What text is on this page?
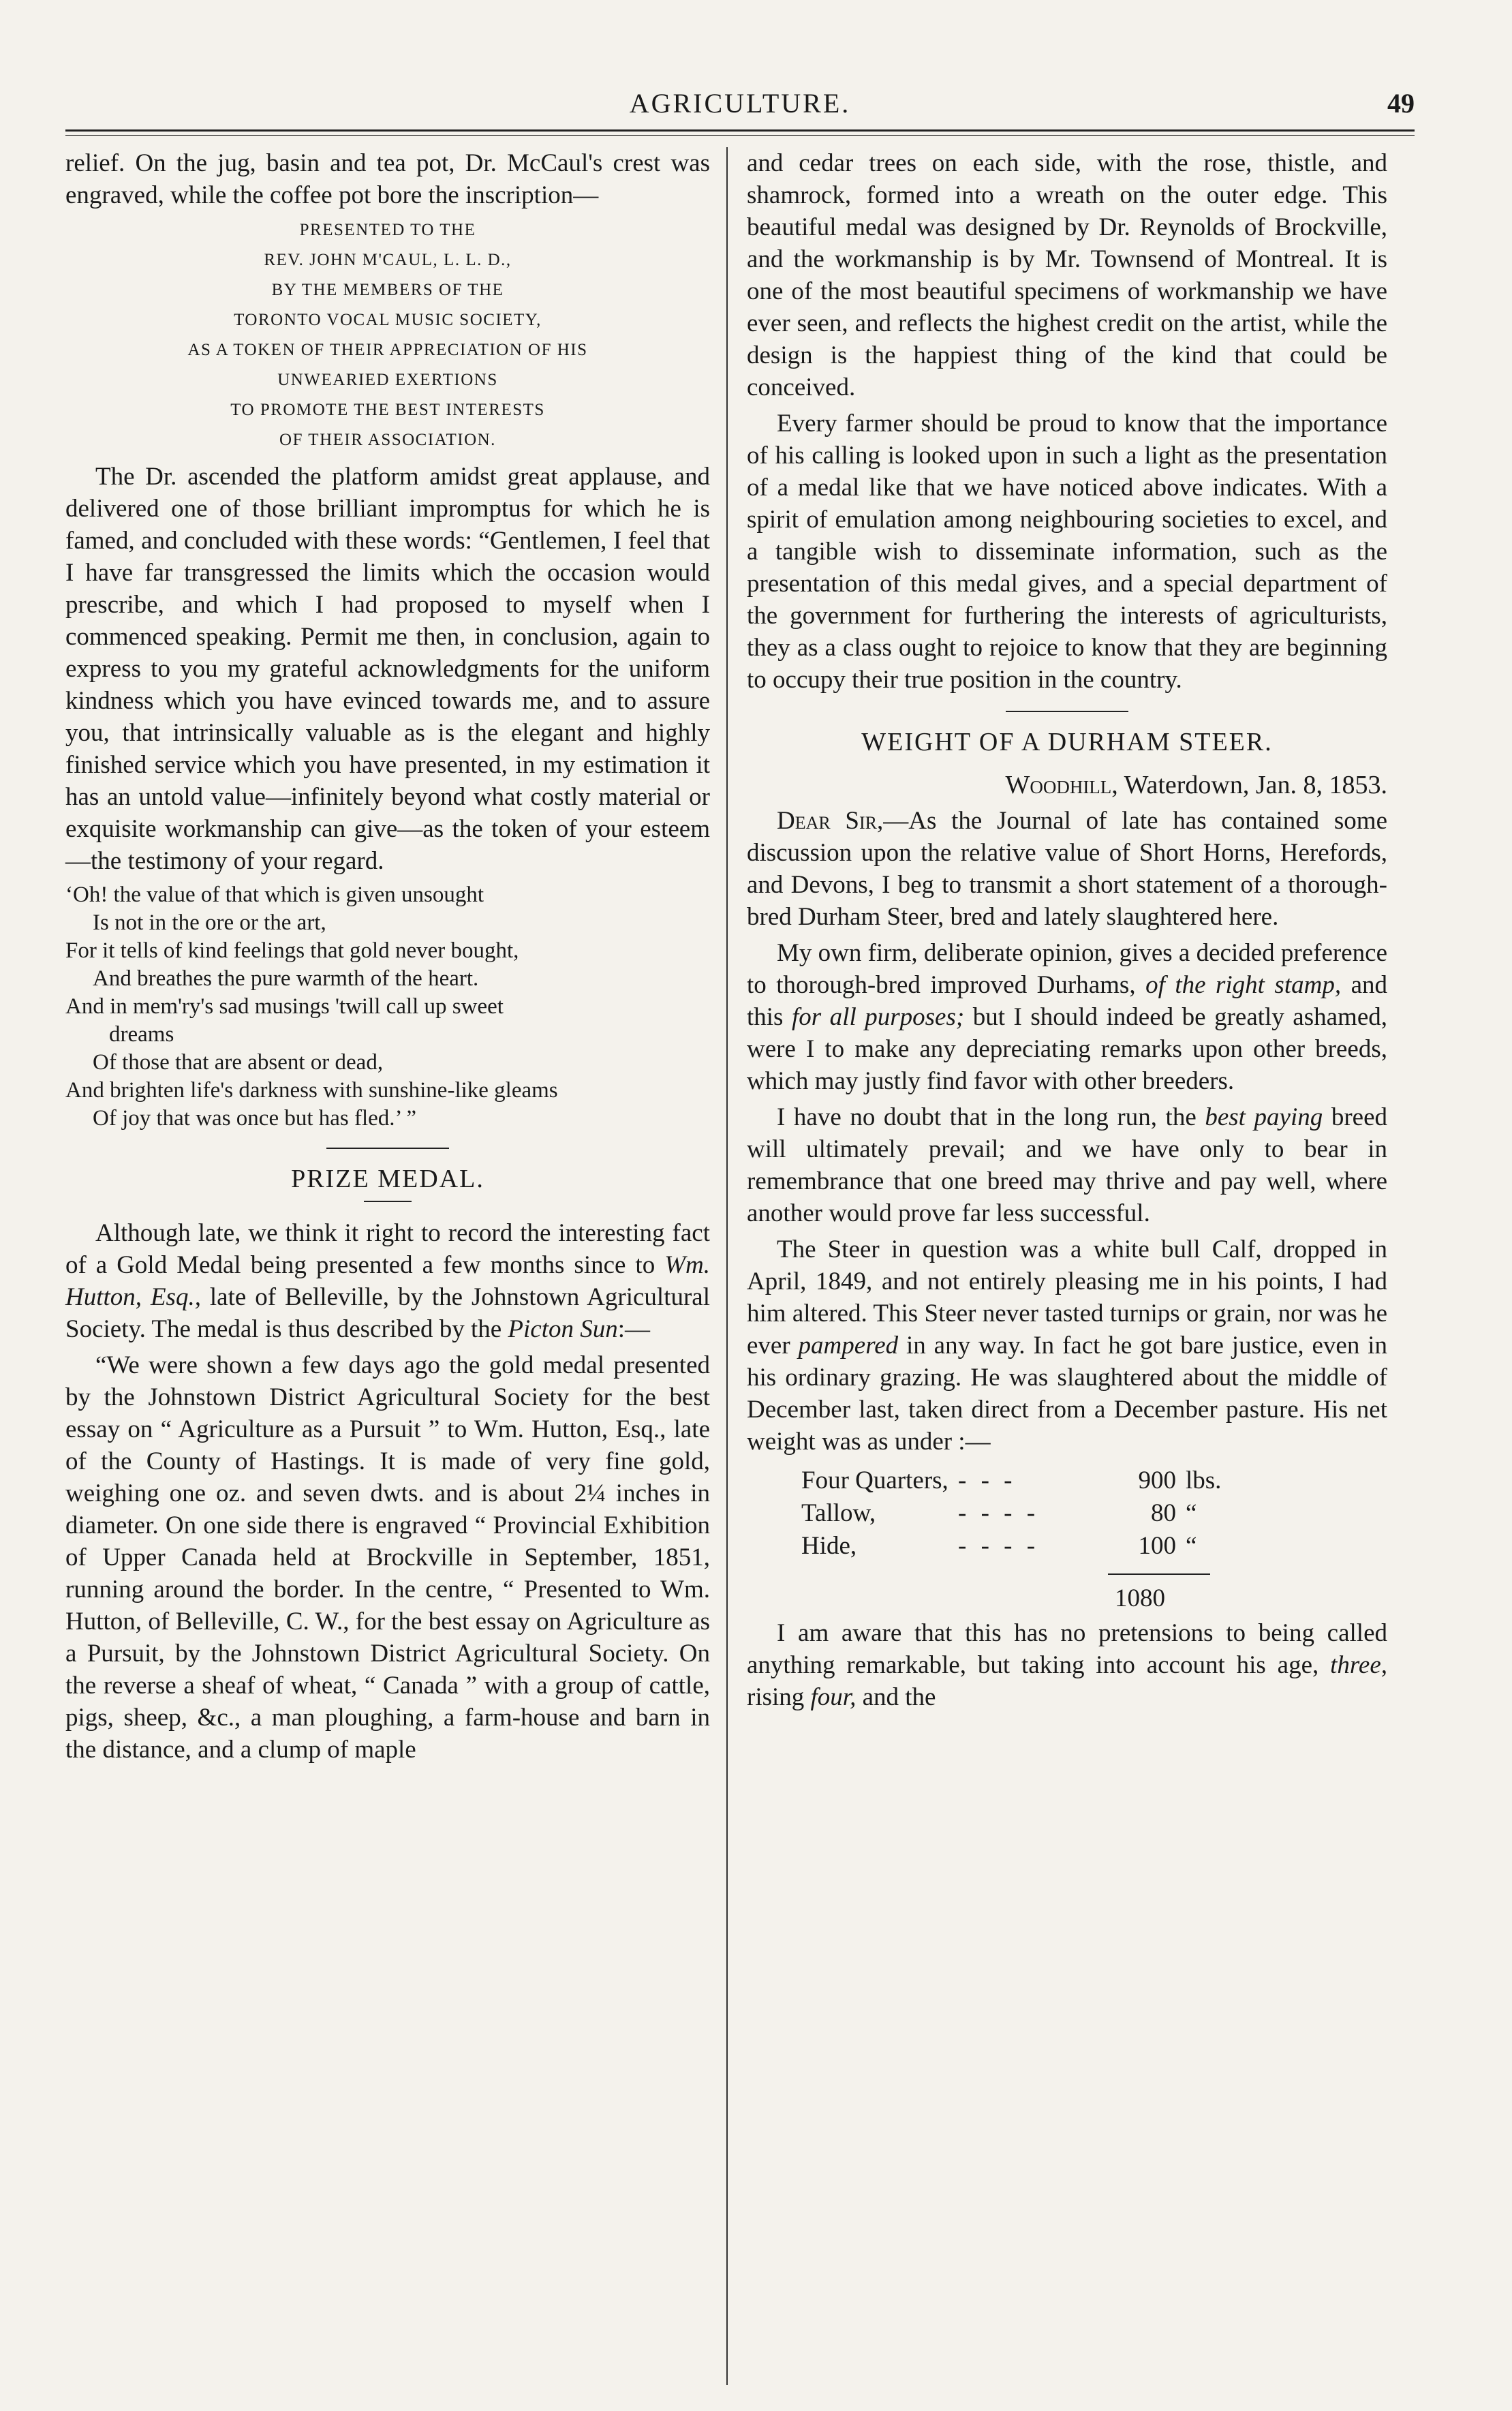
AGRICULTURE.	49

relief. On the jug, basin and tea pot, Dr. McCaul's crest was engraved, while the coffee pot bore the inscription—

PRESENTED TO THE
REV. JOHN M'CAUL, L. L. D.,
BY THE MEMBERS OF THE
TORONTO VOCAL MUSIC SOCIETY,
AS A TOKEN OF THEIR APPRECIATION OF HIS
UNWEARIED EXERTIONS
TO PROMOTE THE BEST INTERESTS
OF THEIR ASSOCIATION.

The Dr. ascended the platform amidst great applause, and delivered one of those brilliant impromptus for which he is famed, and concluded with these words: “Gentlemen, I feel that I have far transgressed the limits which the occasion would prescribe, and which I had proposed to myself when I commenced speaking. Permit me then, in conclusion, again to express to you my grateful acknowledgments for the uniform kindness which you have evinced towards me, and to assure you, that intrinsically valuable as is the elegant and highly finished service which you have presented, in my estimation it has an untold value—infinitely beyond what costly material or exquisite workmanship can give—as the token of your esteem—the testimony of your regard.

‘Oh! the value of that which is given unsought
Is not in the ore or the art,
For it tells of kind feelings that gold never bought,
And breathes the pure warmth of the heart.
And in mem'ry's sad musings 'twill call up sweet
dreams
Of those that are absent or dead,
And brighten life's darkness with sunshine-like gleams
Of joy that was once but has fled.’ ”
PRIZE MEDAL.

Although late, we think it right to record the interesting fact of a Gold Medal being presented a few months since to Wm. Hutton, Esq., late of Belleville, by the Johnstown Agricultural Society. The medal is thus described by the Picton Sun:—

“We were shown a few days ago the gold medal presented by the Johnstown District Agricultural Society for the best essay on “ Agriculture as a Pursuit ” to Wm. Hutton, Esq., late of the County of Hastings. It is made of very fine gold, weighing one oz. and seven dwts. and is about 2¼ inches in diameter. On one side there is engraved “ Provincial Exhibition of Upper Canada held at Brockville in September, 1851, running around the border. In the centre, “ Presented to Wm. Hutton, of Belleville, C. W., for the best essay on Agriculture as a Pursuit, by the Johnstown District Agricultural Society. On the reverse a sheaf of wheat, “ Canada ” with a group of cattle, pigs, sheep, &c., a man ploughing, a farm-house and barn in the distance, and a clump of maple

and cedar trees on each side, with the rose, thistle, and shamrock, formed into a wreath on the outer edge. This beautiful medal was designed by Dr. Reynolds of Brockville, and the workmanship is by Mr. Townsend of Montreal. It is one of the most beautiful specimens of workmanship we have ever seen, and reflects the highest credit on the artist, while the design is the happiest thing of the kind that could be conceived.

Every farmer should be proud to know that the importance of his calling is looked upon in such a light as the presentation of a medal like that we have noticed above indicates. With a spirit of emulation among neighbouring societies to excel, and a tangible wish to disseminate information, such as the presentation of this medal gives, and a special department of the government for furthering the interests of agriculturists, they as a class ought to rejoice to know that they are beginning to occupy their true position in the country.

WEIGHT OF A DURHAM STEER.
Woodhill, Waterdown, Jan. 8, 1853.

Dear Sir,—As the Journal of late has contained some discussion upon the relative value of Short Horns, Herefords, and Devons, I beg to transmit a short statement of a thorough-bred Durham Steer, bred and lately slaughtered here.

My own firm, deliberate opinion, gives a decided preference to thorough-bred improved Durhams, of the right stamp, and this for all purposes; but I should indeed be greatly ashamed, were I to make any depreciating remarks upon other breeds, which may justly find favor with other breeders.

I have no doubt that in the long run, the best paying breed will ultimately prevail; and we have only to bear in remembrance that one breed may thrive and pay well, where another would prove far less successful.

The Steer in question was a white bull Calf, dropped in April, 1849, and not entirely pleasing me in his points, I had him altered. This Steer never tasted turnips or grain, nor was he ever pampered in any way. In fact he got bare justice, even in his ordinary grazing. He was slaughtered about the middle of December last, taken direct from a December pasture. His net weight was as under :—

Four Quarters, - - -	900 lbs.
Tallow,	- - - -	80 “
Hide,	- - - -	100 “
1080

I am aware that this has no pretensions to being called anything remarkable, but taking into account his age, three, rising four, and the
